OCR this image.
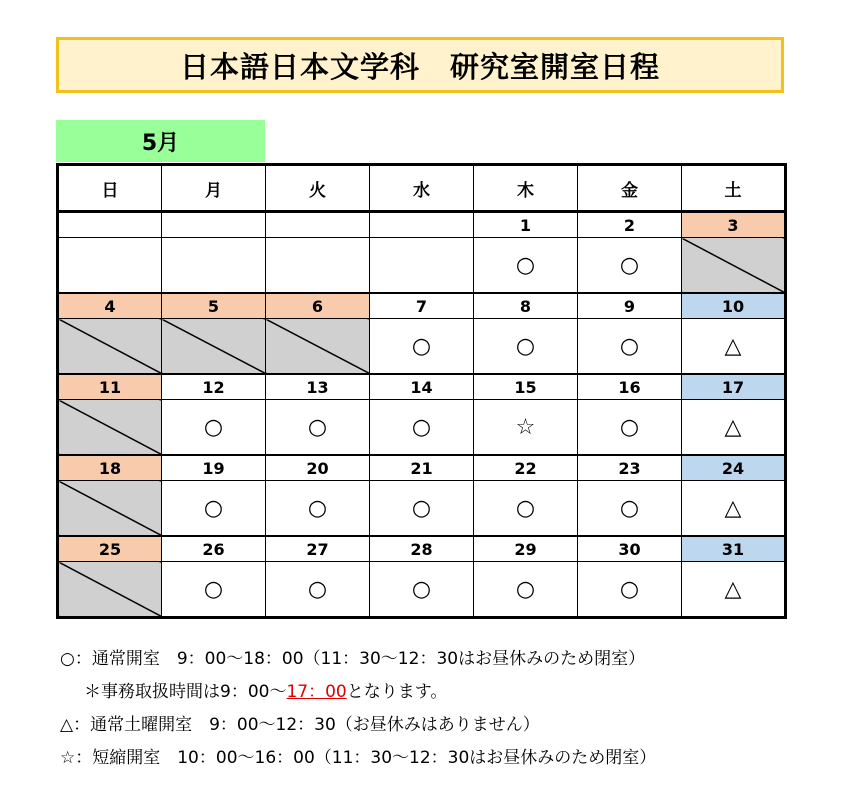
日本語日本文学科　研究室開室日程
5月
日	月	火	水	木	金	土
				1	2	3
				○	○	
4	5	6	7	8	9	10
			○	○	○	△
11	12	13	14	15	16	17
	○	○	○	☆	○	△
18	19	20	21	22	23	24
	○	○	○	○	○	△
25	26	27	28	29	30	31
	○	○	○	○	○	△
○：通常開室　9：00～18：00（11：30～12：30はお昼休みのため閉室）
＊事務取扱時間は9：00～17：00となります。
△：通常土曜開室　9：00～12：30（お昼休みはありません）
☆：短縮開室　10：00～16：00（11：30～12：30はお昼休みのため閉室）
